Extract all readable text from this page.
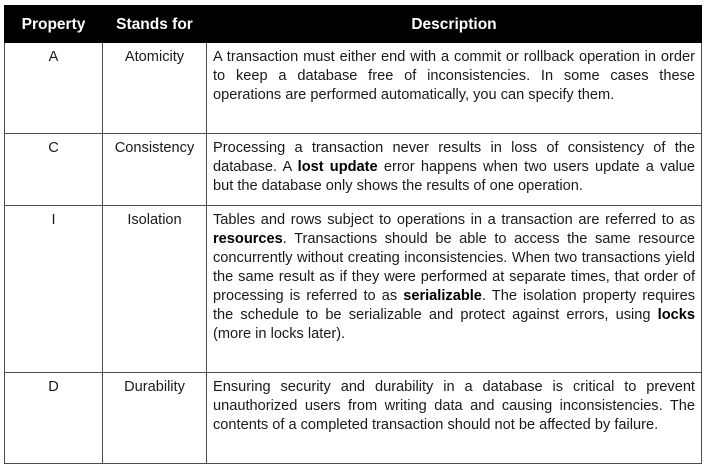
Property	Stands for	Description
A	Atomicity	A transaction must either end with a commit or rollback operation in order to keep a database free of inconsistencies. In some cases these operations are performed automatically, you can specify them.
C	Consistency	Processing a transaction never results in loss of consistency of the database. A lost update error happens when two users update a value but the database only shows the results of one operation.
I	Isolation	Tables and rows subject to operations in a transaction are referred to as resources. Transactions should be able to access the same resource concurrently without creating inconsistencies. When two transactions yield the same result as if they were performed at separate times, that order of processing is referred to as serializable. The isolation property requires the schedule to be serializable and protect against errors, using locks (more in locks later).
D	Durability	Ensuring security and durability in a database is critical to prevent unauthorized users from writing data and causing inconsistencies. The contents of a completed transaction should not be affected by failure.
